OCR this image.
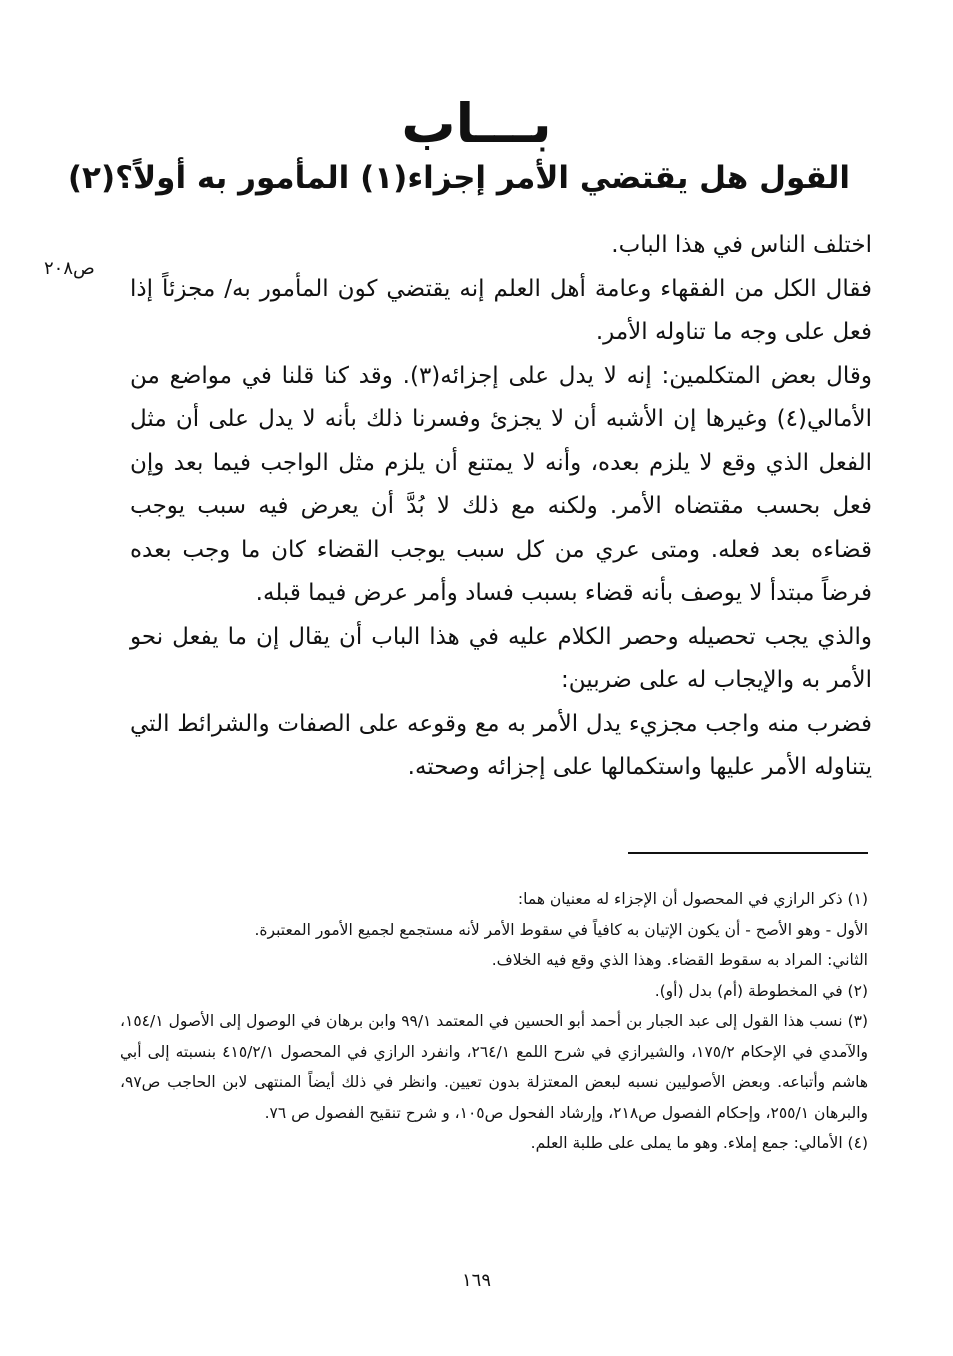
بـــاب
القول هل يقتضي الأمر إجزاء(١) المأمور به أولاً؟(٢)
ص٢٠٨

اختلف الناس في هذا الباب.

فقال الكل من الفقهاء وعامة أهل العلم إنه يقتضي كون المأمور به/ مجزئاً إذا فعل على وجه ما تناوله الأمر.

وقال بعض المتكلمين: إنه لا يدل على إجزائه(٣). وقد كنا قلنا في مواضع من الأمالي(٤) وغيرها إن الأشبه أن لا يجزئ وفسرنا ذلك بأنه لا يدل على أن مثل الفعل الذي وقع لا يلزم بعده، وأنه لا يمتنع أن يلزم مثل الواجب فيما بعد وإن فعل بحسب مقتضاه الأمر. ولكنه مع ذلك لا بُدَّ أن يعرض فيه سبب يوجب قضاءه بعد فعله. ومتى عري من كل سبب يوجب القضاء كان ما وجب بعده فرضاً مبتدأ لا يوصف بأنه قضاء بسبب فساد وأمر عرض فيما قبله.

والذي يجب تحصيله وحصر الكلام عليه في هذا الباب أن يقال إن ما يفعل نحو الأمر به والإيجاب له على ضربين:

فضرب منه واجب مجزيء يدل الأمر به مع وقوعه على الصفات والشرائط التي يتناوله الأمر عليها واستكمالها على إجزائه وصحته.

(١) ذكر الرازي في المحصول أن الإجزاء له معنيان هما:

الأول - وهو الأصح - أن يكون الإتيان به كافياً في سقوط الأمر لأنه مستجمع لجميع الأمور المعتبرة.

الثاني: المراد به سقوط القضاء. وهذا الذي وقع فيه الخلاف.

(٢) في المخطوطة (أم) بدل (أو).

(٣) نسب هذا القول إلى عبد الجبار بن أحمد أبو الحسين في المعتمد ٩٩/١ وابن برهان في الوصول إلى الأصول ١٥٤/١، والآمدي في الإحكام ١٧٥/٢، والشيرازي في شرح اللمع ٢٦٤/١، وانفرد الرازي في المحصول ٤١٥/٢/١ بنسبته إلى أبي هاشم وأتباعه. وبعض الأصوليين نسبه لبعض المعتزلة بدون تعيين. وانظر في ذلك أيضاً المنتهى لابن الحاجب ص٩٧، والبرهان ٢٥٥/١، وإحكام الفصول ص٢١٨، وإرشاد الفحول ص١٠٥، و شرح تنقيح الفصول ص ٧٦.

(٤) الأمالي: جمع إملاء. وهو ما يملى على طلبة العلم.

١٦٩
